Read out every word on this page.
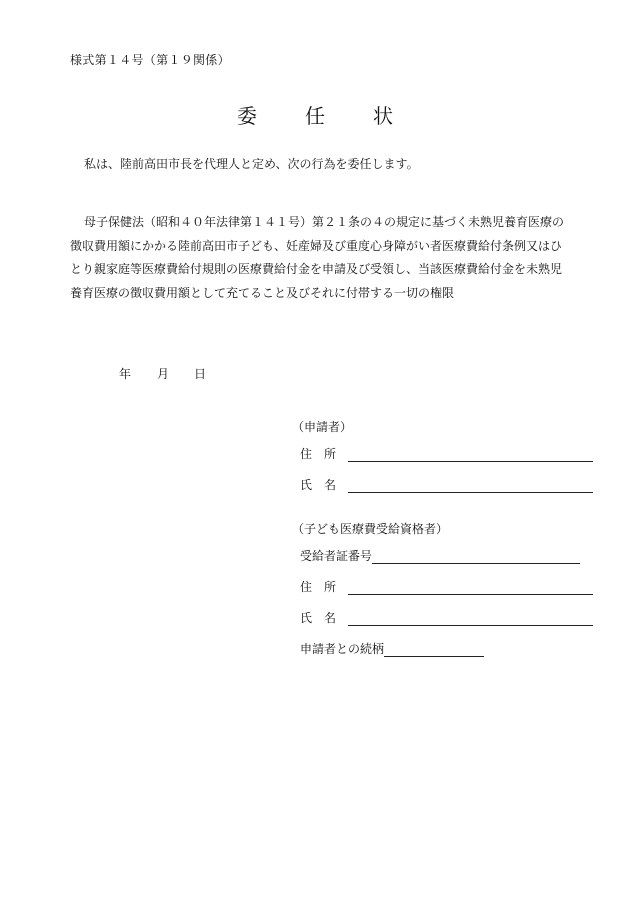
様式第１４号（第１９関係）
委　任　状
私は、陸前高田市長を代理人と定め、次の行為を委任します。

母子保健法（昭和４０年法律第１４１号）第２１条の４の規定に基づく未熟児養育医療の

徴収費用額にかかる陸前高田市子ども、妊産婦及び重度心身障がい者医療費給付条例又はひ

とり親家庭等医療費給付規則の医療費給付金を申請及び受領し、当該医療費給付金を未熟児

養育医療の徴収費用額として充てること及びそれに付帯する一切の権限

年 月 日
（申請者）
住所
氏名
（子ども医療費受給資格者）
受給者証番号
住所
氏名
申請者との続柄
